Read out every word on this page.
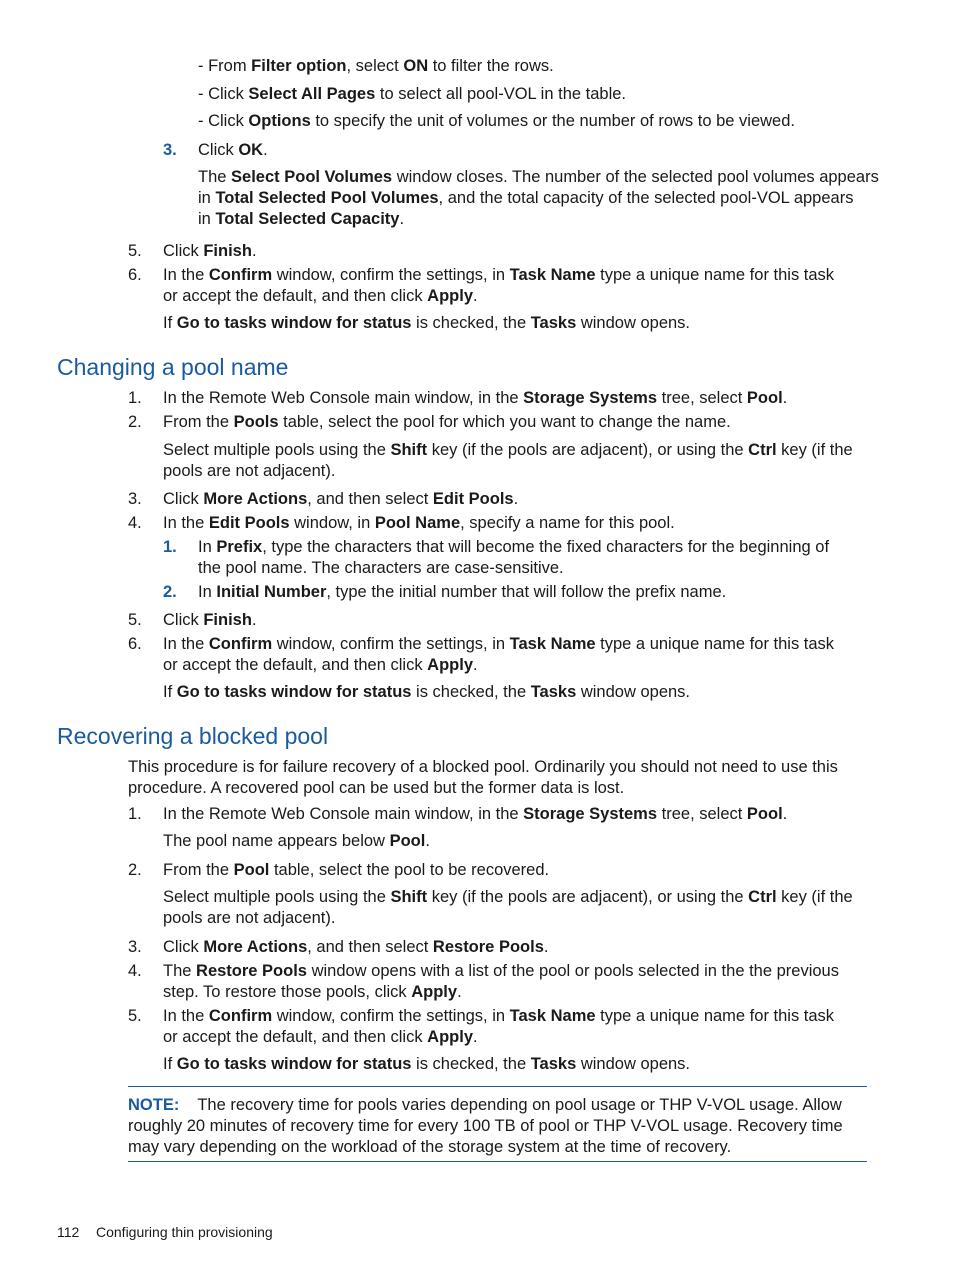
- From Filter option, select ON to filter the rows.
- Click Select All Pages to select all pool-VOL in the table.
- Click Options to specify the unit of volumes or the number of rows to be viewed.
3. Click OK.
The Select Pool Volumes window closes. The number of the selected pool volumes appears
in Total Selected Pool Volumes, and the total capacity of the selected pool-VOL appears
in Total Selected Capacity.
5. Click Finish.
6. In the Confirm window, confirm the settings, in Task Name type a unique name for this task
or accept the default, and then click Apply.
If Go to tasks window for status is checked, the Tasks window opens.
Changing a pool name
1. In the Remote Web Console main window, in the Storage Systems tree, select Pool.
2. From the Pools table, select the pool for which you want to change the name.
Select multiple pools using the Shift key (if the pools are adjacent), or using the Ctrl key (if the
pools are not adjacent).
3. Click More Actions, and then select Edit Pools.
4. In the Edit Pools window, in Pool Name, specify a name for this pool.
1. In Prefix, type the characters that will become the fixed characters for the beginning of
the pool name. The characters are case-sensitive.
2. In Initial Number, type the initial number that will follow the prefix name.
5. Click Finish.
6. In the Confirm window, confirm the settings, in Task Name type a unique name for this task
or accept the default, and then click Apply.
If Go to tasks window for status is checked, the Tasks window opens.
Recovering a blocked pool
This procedure is for failure recovery of a blocked pool. Ordinarily you should not need to use this
procedure. A recovered pool can be used but the former data is lost.
1. In the Remote Web Console main window, in the Storage Systems tree, select Pool.
The pool name appears below Pool.
2. From the Pool table, select the pool to be recovered.
Select multiple pools using the Shift key (if the pools are adjacent), or using the Ctrl key (if the
pools are not adjacent).
3. Click More Actions, and then select Restore Pools.
4. The Restore Pools window opens with a list of the pool or pools selected in the the previous
step. To restore those pools, click Apply.
5. In the Confirm window, confirm the settings, in Task Name type a unique name for this task
or accept the default, and then click Apply.
If Go to tasks window for status is checked, the Tasks window opens.
NOTE: The recovery time for pools varies depending on pool usage or THP V-VOL usage. Allow
roughly 20 minutes of recovery time for every 100 TB of pool or THP V-VOL usage. Recovery time
may vary depending on the workload of the storage system at the time of recovery.
112 Configuring thin provisioning
